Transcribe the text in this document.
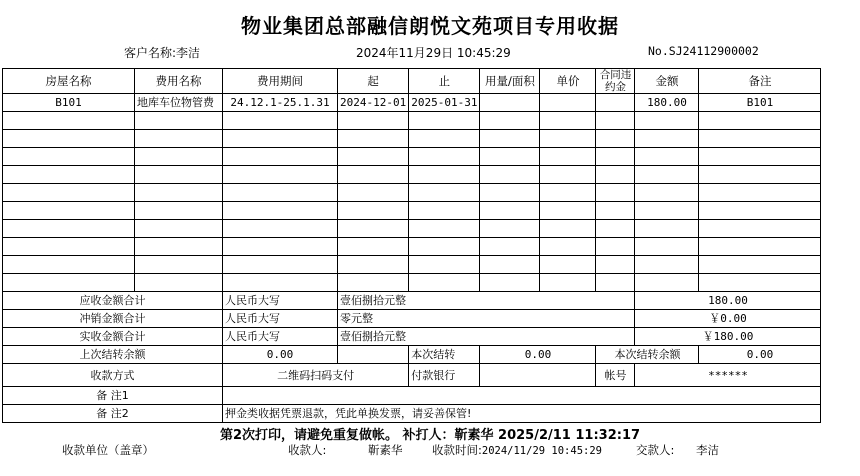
物业集团总部融信朗悦文苑项目专用收据
客户名称:李洁	2024年11月29日 10:45:29	No.SJ24112900002
房屋名称	费用名称	费用期间	起	止	用量/面积	单价	合同违约金	金额	备注
B101	地库车位物管费	24.12.1-25.1.31	2024-12-01	2025-01-31				180.00	B101

应收金额合计		人民币大写	壹佰捌拾元整					180.00	
冲销金额合计		人民币大写	零元整					￥0.00	
实收金额合计		人民币大写	壹佰捌拾元整					￥180.00	
上次结转余额		0.00		本次结转	0.00		本次结转余额		0.00
收款方式		二维码扫码支付		付款银行			帐号	******	
备 注1									
备 注2		押金类收据凭票退款，凭此单换发票，请妥善保管!							
第2次打印，请避免重复做帐。 补打人：靳素华 2025/2/11 11:32:17
收款单位（盖章）	收款人:	靳素华	收款时间:2024/11/29 10:45:29	交款人: 李洁
